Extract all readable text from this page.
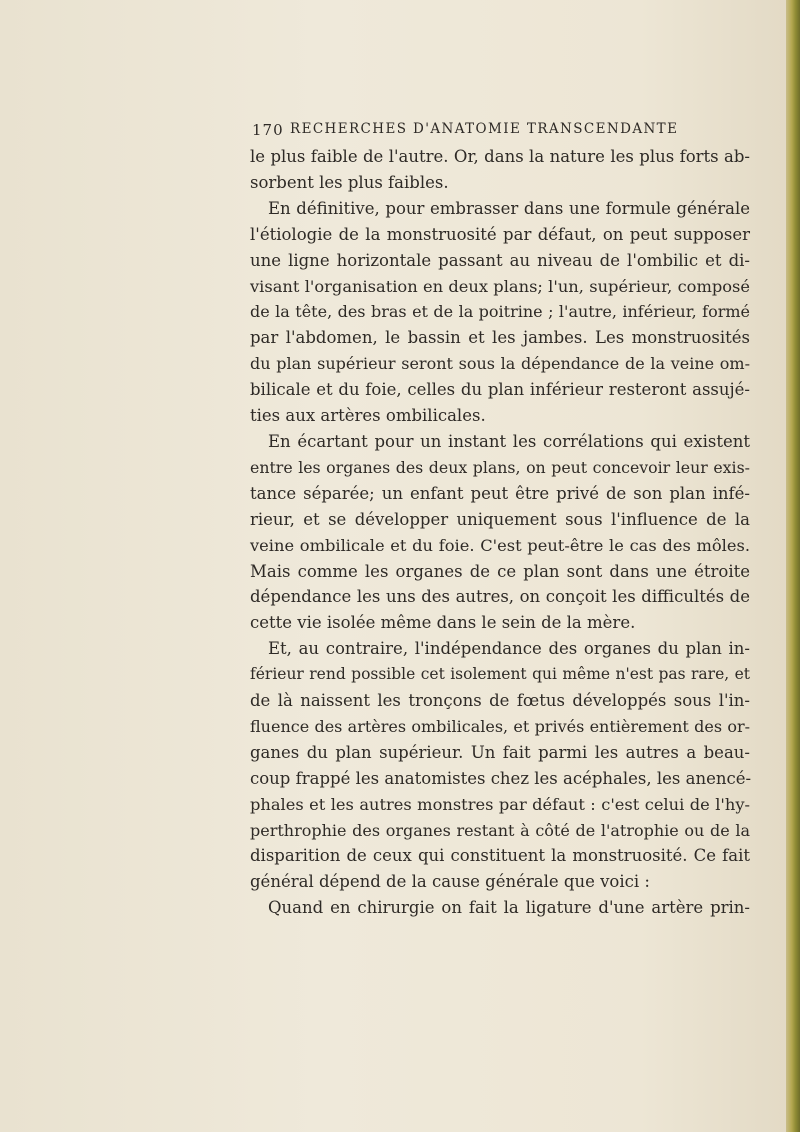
170 RECHERCHES D'ANATOMIE TRANSCENDANTE
le plus faible de l'autre. Or, dans la nature les plus forts ab-
sorbent les plus faibles.
En définitive, pour embrasser dans une formule générale
l'étiologie de la monstruosité par défaut, on peut supposer
une ligne horizontale passant au niveau de l'ombilic et di-
visant l'organisation en deux plans; l'un, supérieur, composé
de la tête, des bras et de la poitrine ; l'autre, inférieur, formé
par l'abdomen, le bassin et les jambes. Les monstruosités
du plan supérieur seront sous la dépendance de la veine om-
bilicale et du foie, celles du plan inférieur resteront assujé-
ties aux artères ombilicales.
En écartant pour un instant les corrélations qui existent
entre les organes des deux plans, on peut concevoir leur exis-
tance séparée; un enfant peut être privé de son plan infé-
rieur, et se développer uniquement sous l'influence de la
veine ombilicale et du foie. C'est peut-être le cas des môles.
Mais comme les organes de ce plan sont dans une étroite
dépendance les uns des autres, on conçoit les difficultés de
cette vie isolée même dans le sein de la mère.
Et, au contraire, l'indépendance des organes du plan in-
férieur rend possible cet isolement qui même n'est pas rare, et
de là naissent les tronçons de fœtus développés sous l'in-
fluence des artères ombilicales, et privés entièrement des or-
ganes du plan supérieur. Un fait parmi les autres a beau-
coup frappé les anatomistes chez les acéphales, les anencé-
phales et les autres monstres par défaut : c'est celui de l'hy-
perthrophie des organes restant à côté de l'atrophie ou de la
disparition de ceux qui constituent la monstruosité. Ce fait
général dépend de la cause générale que voici :
Quand en chirurgie on fait la ligature d'une artère prin-
